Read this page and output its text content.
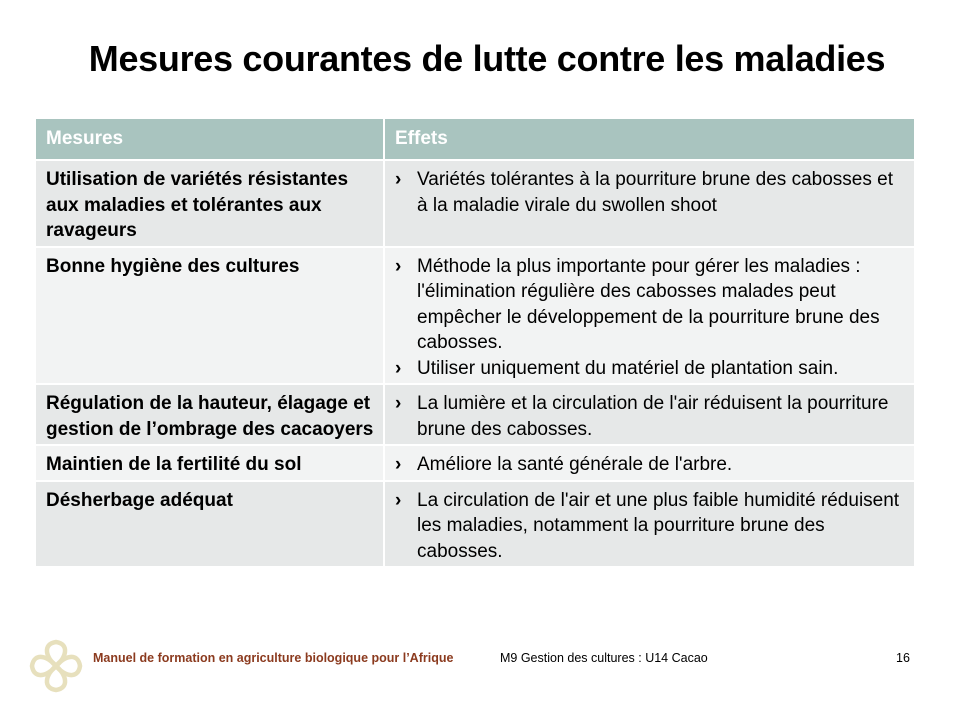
Mesures courantes de lutte contre les maladies
Mesures	Effets
Utilisation de variétés résistantes aux maladies et tolérantes aux ravageurs	› Variétés tolérantes à la pourriture brune des cabosses et à la maladie virale du swollen shoot

Bonne hygiène des cultures	› Méthode la plus importante pour gérer les maladies : l'élimination régulière des cabosses malades peut empêcher le développement de la pourriture brune des cabosses.
› Utiliser uniquement du matériel de plantation sain.

Régulation de la hauteur, élagage et gestion de l’ombrage des cacaoyers	› La lumière et la circulation de l'air réduisent la pourriture brune des cabosses.

Maintien de la fertilité du sol	› Améliore la santé générale de l'arbre.

Désherbage adéquat	› La circulation de l'air et une plus faible humidité réduisent les maladies, notamment la pourriture brune des cabosses.
Manuel de formation en agriculture biologique pour l’Afrique	M9 Gestion des cultures : U14 Cacao	16
